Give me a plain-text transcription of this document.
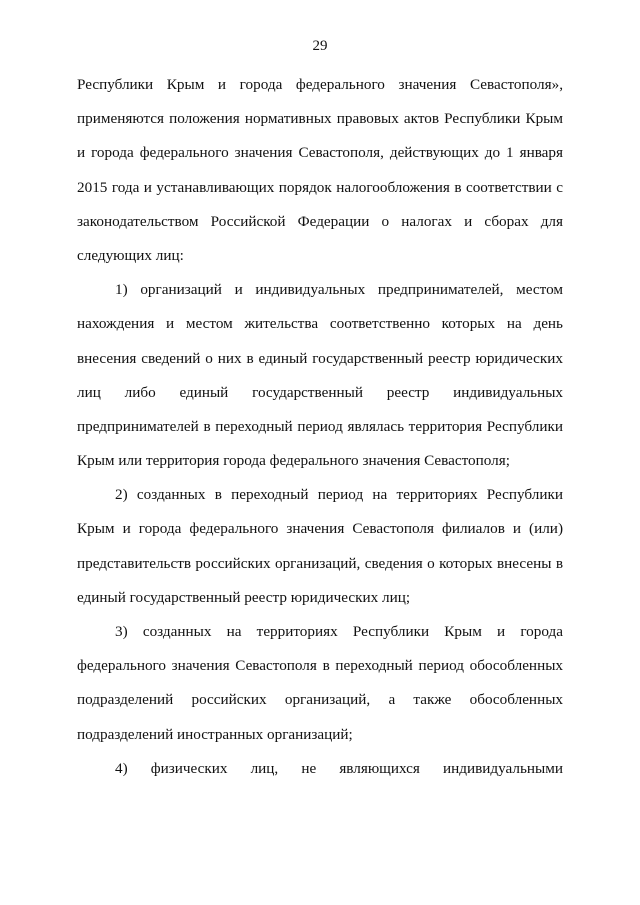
29

Республики Крым и города федерального значения Севастополя»,
применяются положения нормативных правовых актов Республики Крым
и города федерального значения Севастополя, действующих до 1 января
2015 года и устанавливающих порядок налогообложения в соответствии с
законодательством Российской Федерации о налогах и сборах для
следующих лиц:

1) организаций и индивидуальных предпринимателей, местом
нахождения и местом жительства соответственно которых на день
внесения сведений о них в единый государственный реестр юридических
лиц либо единый государственный реестр индивидуальных
предпринимателей в переходный период являлась территория Республики
Крым или территория города федерального значения Севастополя;

2) созданных в переходный период на территориях Республики
Крым и города федерального значения Севастополя филиалов и (или)
представительств российских организаций, сведения о которых внесены в
единый государственный реестр юридических лиц;

3) созданных на территориях Республики Крым и города
федерального значения Севастополя в переходный период обособленных
подразделений российских организаций, а также обособленных
подразделений иностранных организаций;

4) физических лиц, не являющихся индивидуальными
